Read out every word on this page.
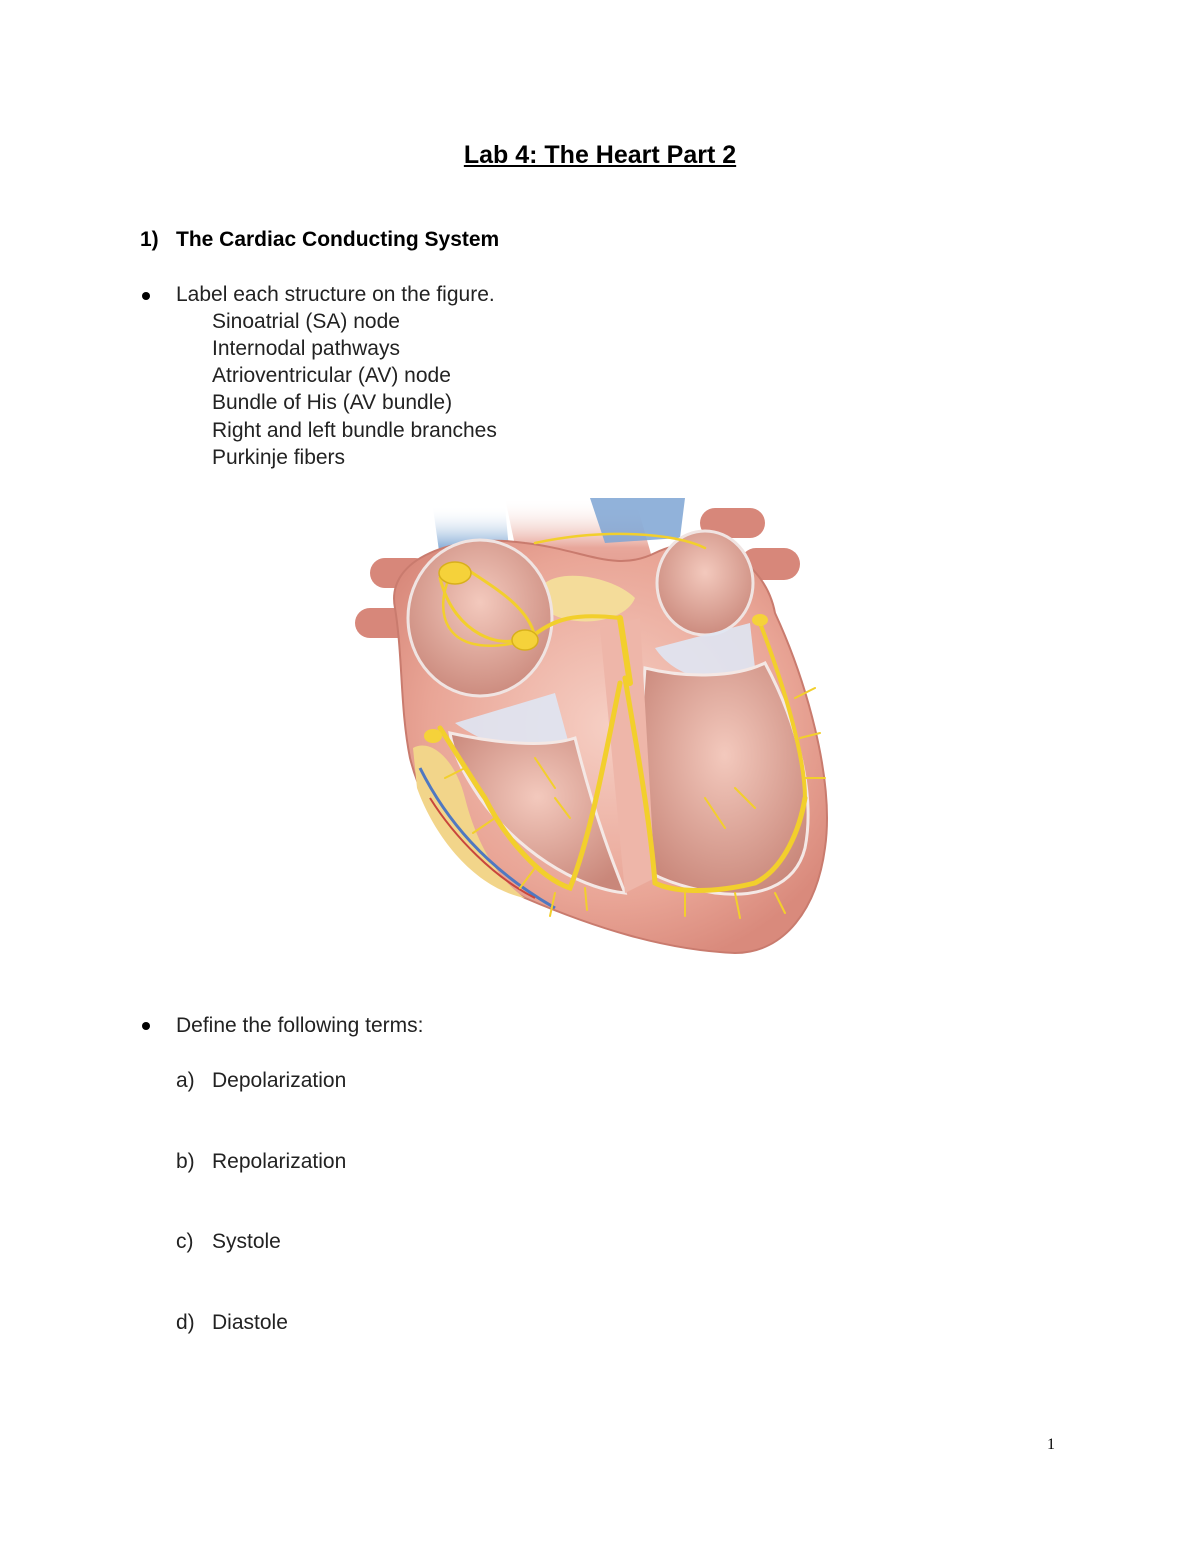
Lab 4: The Heart Part 2
1) The Cardiac Conducting System
Label each structure on the figure.
Sinoatrial (SA) node
Internodal pathways
Atrioventricular (AV) node
Bundle of His (AV bundle)
Right and left bundle branches
Purkinje fibers
Define the following terms:
a) Depolarization
b) Repolarization
c) Systole
d) Diastole
1
